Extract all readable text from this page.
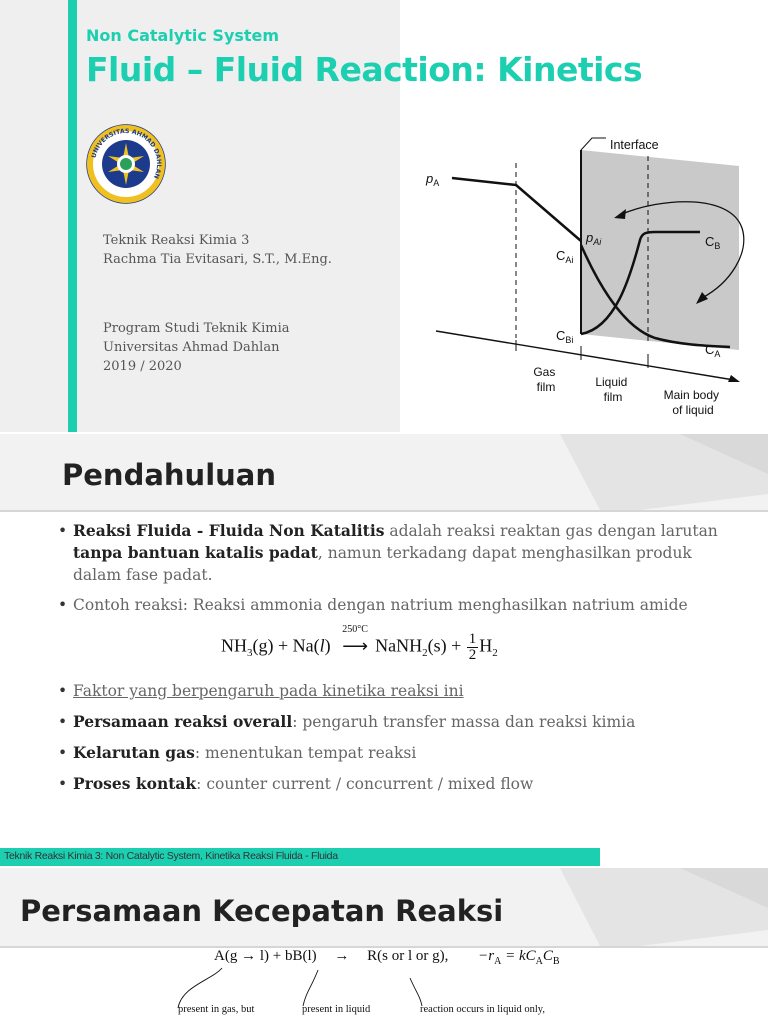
Non Catalytic System
Fluid – Fluid Reaction: Kinetics
UNIVERSITAS AHMAD DAHLAN
Teknik Reaksi Kimia 3
Rachma Tia Evitasari, S.T., M.Eng.
Program Studi Teknik Kimia
Universitas Ahmad Dahlan
2019 / 2020
Interface
$p_A$
$p_{Ai}$
$C_{Ai}$
$C_{Bi}$
$C_B$
$C_A$
Gas film	Liquid film	Main body of liquid
Pendahuluan
• Reaksi Fluida - Fluida Non Katalitis adalah reaksi reaktan gas dengan larutan tanpa bantuan katalis padat, namun terkadang dapat menghasilkan produk dalam fase padat.
• Contoh reaksi: Reaksi ammonia dengan natrium menghasilkan natrium amide
$NH_3(g) + Na(l)$
250°C
⟶ NaNH$_2$(s) + $\frac{1}{2} H_2$
• Faktor yang berpengaruh pada kinetika reaksi ini
• Persamaan reaksi overall: pengaruh transfer massa dan reaksi kimia
• Kelarutan gas: menentukan tempat reaksi
• Proses kontak: counter current / concurrent / mixed flow
Teknik Reaksi Kimia 3: Non Catalytic System, Kinetika Reaksi Fluida - Fluida
Persamaan Kecepatan Reaksi
A(g → l) + bB(l) → R(s or l or g), $-r_A = kC_AC_B$
present in gas, but	present in liquid	reaction occurs in liquid only,
